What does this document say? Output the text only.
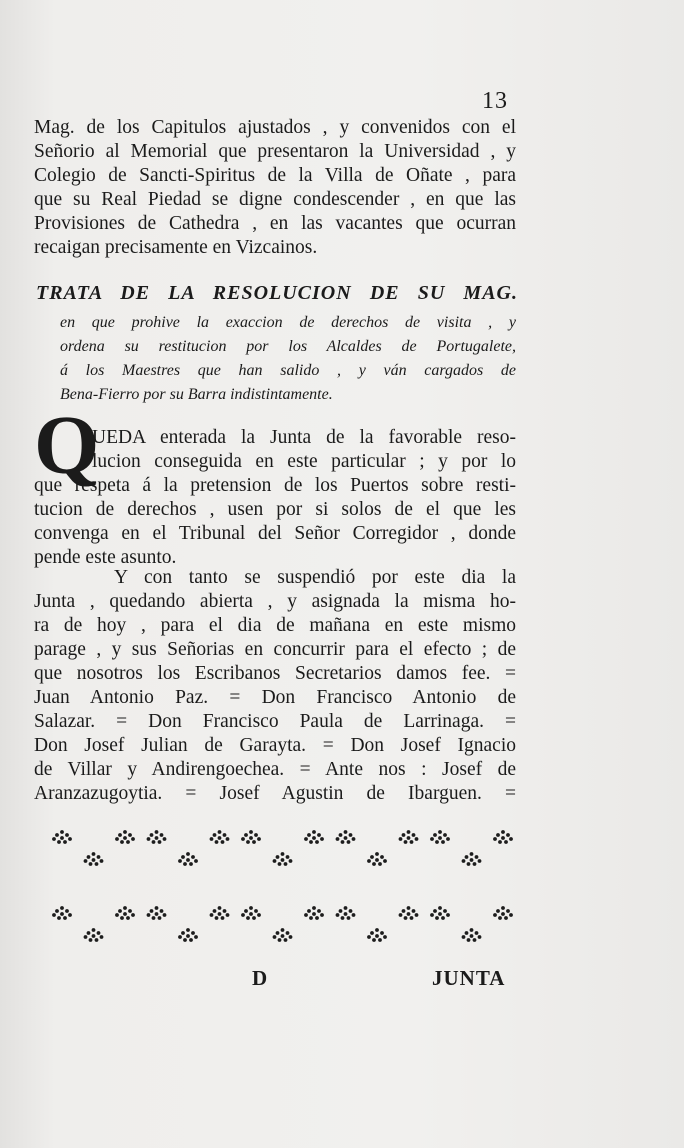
13
Mag. de los Capitulos ajustados , y convenidos con el
Señorio al Memorial que presentaron la Universidad , y
Colegio de Sancti-Spiritus de la Villa de Oñate , para
que su Real Piedad se digne condescender , en que las
Provisiones de Cathedra , en las vacantes que ocurran
recaigan precisamente en Vizcainos.
TRATA DE LA RESOLUCION DE SU MAG.
en que prohive la exaccion de derechos de visita , y
ordena su restitucion por los Alcaldes de Portugalete,
á los Maestres que han salido , y ván cargados de
Bena-Fierro por su Barra indistintamente.
Q
UEDA enterada la Junta de la favorable reso-
lucion conseguida en este particular ; y por lo
que respeta á la pretension de los Puertos sobre resti-
tucion de derechos , usen por si solos de el que les
convenga en el Tribunal del Señor Corregidor , donde
pende este asunto.
Y con tanto se suspendió por este dia la
Junta , quedando abierta , y asignada la misma ho-
ra de hoy , para el dia de mañana en este mismo
parage , y sus Señorias en concurrir para el efecto ; de
que nosotros los Escribanos Secretarios damos fee. =
Juan Antonio Paz. = Don Francisco Antonio de
Salazar. = Don Francisco Paula de Larrinaga. =
Don Josef Julian de Garayta. = Don Josef Ignacio
de Villar y Andirengoechea. = Ante nos : Josef de
Aranzazugoytia. = Josef Agustin de Ibarguen. =
D	JUNTA
